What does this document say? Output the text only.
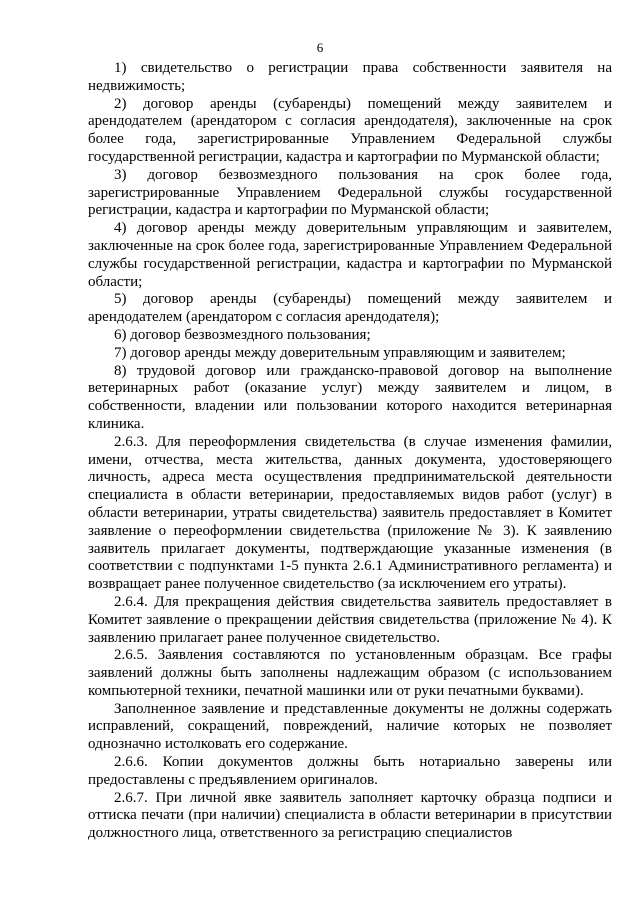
6

1) свидетельство о регистрации права собственности заявителя на недвижимость;

2) договор аренды (субаренды) помещений между заявителем и арендодателем (арендатором с согласия арендодателя), заключенные на срок более года, зарегистрированные Управлением Федеральной службы государственной регистрации, кадастра и картографии по Мурманской области;

3) договор безвозмездного пользования на срок более года, зарегистрированные Управлением Федеральной службы государственной регистрации, кадастра и картографии по Мурманской области;

4) договор аренды между доверительным управляющим и заявителем, заключенные на срок более года, зарегистрированные Управлением Федеральной службы государственной регистрации, кадастра и картографии по Мурманской области;

5) договор аренды (субаренды) помещений между заявителем и арендодателем (арендатором с согласия арендодателя);

6) договор безвозмездного пользования;

7) договор аренды между доверительным управляющим и заявителем;

8) трудовой договор или гражданско-правовой договор на выполнение ветеринарных работ (оказание услуг) между заявителем и лицом, в собственности, владении или пользовании которого находится ветеринарная клиника.

2.6.3. Для переоформления свидетельства (в случае изменения фамилии, имени, отчества, места жительства, данных документа, удостоверяющего личность, адреса места осуществления предпринимательской деятельности специалиста в области ветеринарии, предоставляемых видов работ (услуг) в области ветеринарии, утраты свидетельства) заявитель предоставляет в Комитет заявление о переоформлении свидетельства (приложение № 3). К заявлению заявитель прилагает документы, подтверждающие указанные изменения (в соответствии с подпунктами 1-5 пункта 2.6.1 Административного регламента) и возвращает ранее полученное свидетельство (за исключением его утраты).

2.6.4. Для прекращения действия свидетельства заявитель предоставляет в Комитет заявление о прекращении действия свидетельства (приложение № 4). К заявлению прилагает ранее полученное свидетельство.

2.6.5. Заявления составляются по установленным образцам. Все графы заявлений должны быть заполнены надлежащим образом (с использованием компьютерной техники, печатной машинки или от руки печатными буквами).

Заполненное заявление и представленные документы не должны содержать исправлений, сокращений, повреждений, наличие которых не позволяет однозначно истолковать его содержание.

2.6.6. Копии документов должны быть нотариально заверены или предоставлены с предъявлением оригиналов.

2.6.7. При личной явке заявитель заполняет карточку образца подписи и оттиска печати (при наличии) специалиста в области ветеринарии в присутствии должностного лица, ответственного за регистрацию специалистов
